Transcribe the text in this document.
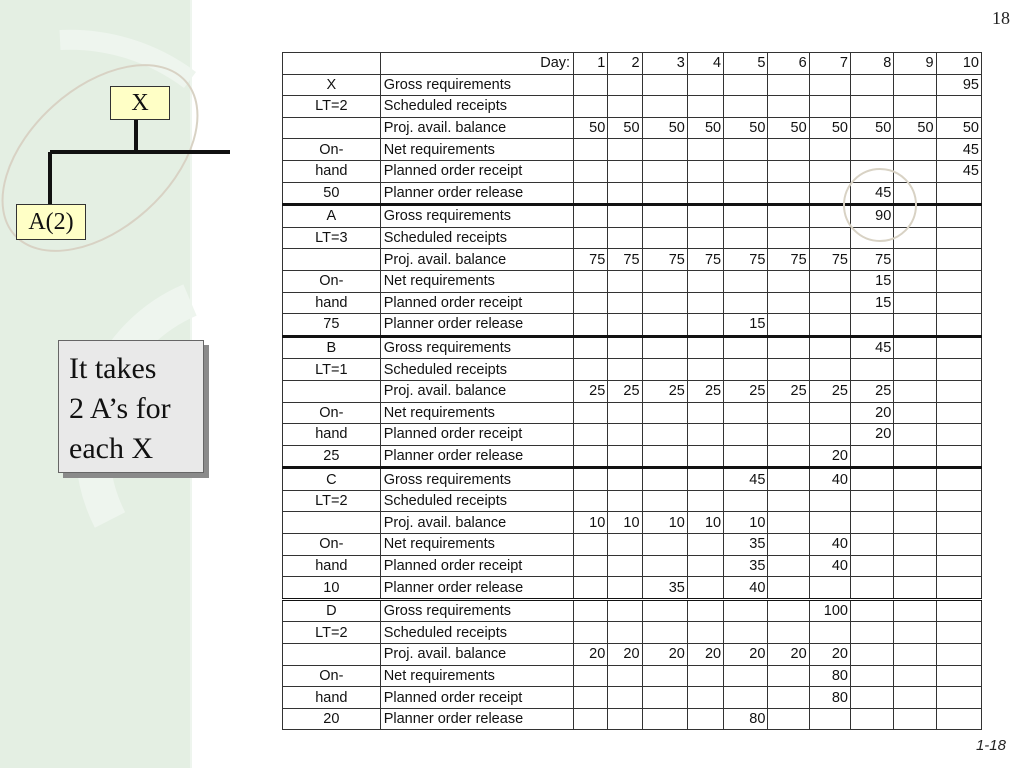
18
X
A(2)
It takes
2 A’s for
each X
	Day:	1	2	3	4	5	6	7	8	9	10
X	Gross requirements										95
LT=2	Scheduled receipts										
	Proj. avail. balance	50	50	50	50	50	50	50	50	50	50
On-	Net requirements										45
hand	Planned order receipt										45
50	Planner order release								45		
A	Gross requirements								90		
LT=3	Scheduled receipts										
	Proj. avail. balance	75	75	75	75	75	75	75	75		
On-	Net requirements								15		
hand	Planned order receipt								15		
75	Planner order release					15					
B	Gross requirements								45		
LT=1	Scheduled receipts										
	Proj. avail. balance	25	25	25	25	25	25	25	25		
On-	Net requirements								20		
hand	Planned order receipt								20		
25	Planner order release							20			
C	Gross requirements					45		40			
LT=2	Scheduled receipts										
	Proj. avail. balance	10	10	10	10	10					
On-	Net requirements					35		40			
hand	Planned order receipt					35		40			
10	Planner order release			35		40					
D	Gross requirements							100			
LT=2	Scheduled receipts										
	Proj. avail. balance	20	20	20	20	20	20	20			
On-	Net requirements							80			
hand	Planned order receipt							80			
20	Planner order release					80					
1-18
